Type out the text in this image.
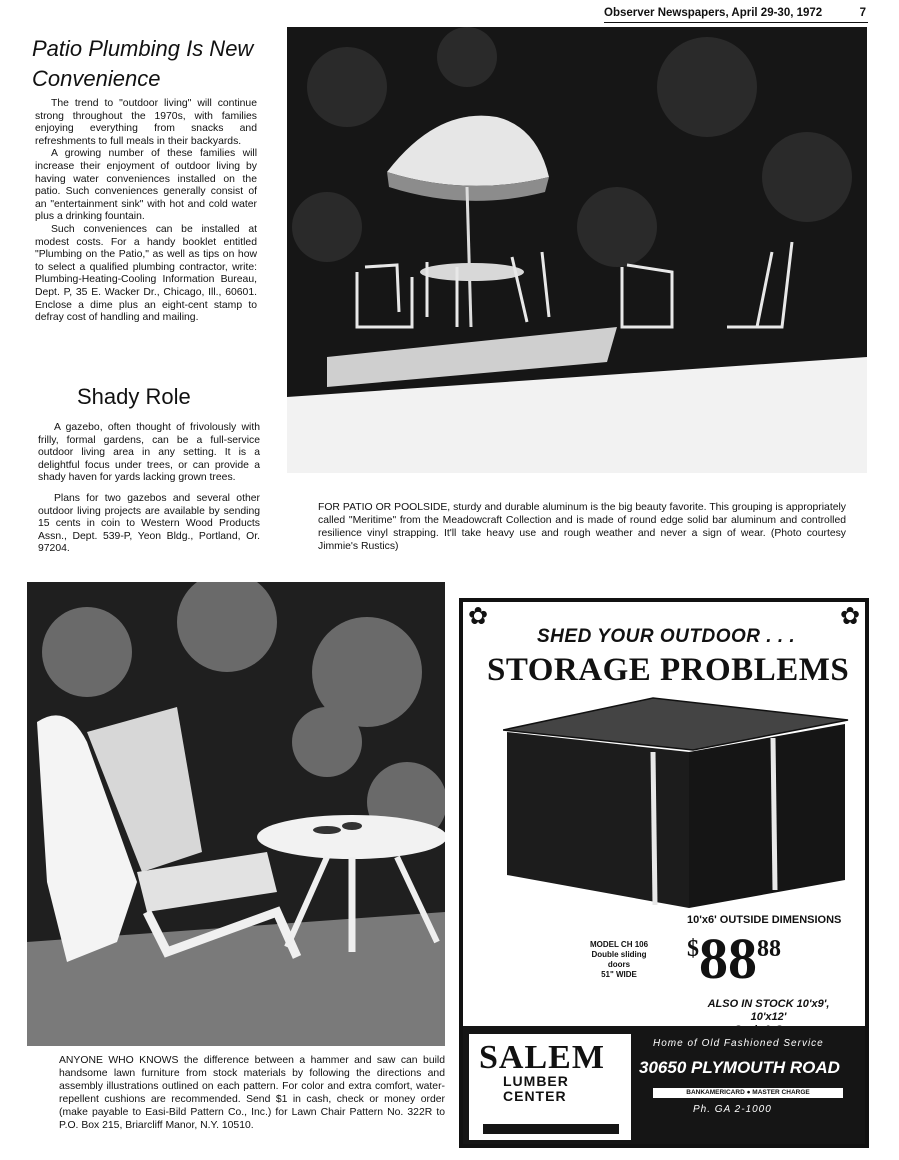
Observer Newspapers, April 29-30, 1972	7
Patio Plumbing Is New Convenience

The trend to "outdoor living" will continue strong throughout the 1970s, with families enjoying everything from snacks and refreshments to full meals in their backyards.

A growing number of these families will increase their enjoyment of outdoor living by having water conveniences installed on the patio. Such conveniences generally consist of an "entertainment sink" with hot and cold water plus a drinking fountain.

Such conveniences can be installed at modest costs. For a handy booklet entitled "Plumbing on the Patio," as well as tips on how to select a qualified plumbing contractor, write: Plumbing-Heating-Cooling Information Bureau, Dept. P, 35 E. Wacker Dr., Chicago, Ill., 60601. Enclose a dime plus an eight-cent stamp to defray cost of handling and mailing.

Shady Role

A gazebo, often thought of frivolously with frilly, formal gardens, can be a full-service outdoor living area in any setting. It is a delightful focus under trees, or can provide a shady haven for yards lacking grown trees.

Plans for two gazebos and several other outdoor living projects are available by sending 15 cents in coin to Western Wood Products Assn., Dept. 539-P, Yeon Bldg., Portland, Or. 97204.

FOR PATIO OR POOLSIDE, sturdy and durable aluminum is the big beauty favorite. This grouping is appropriately called "Meritime" from the Meadowcraft Collection and is made of round edge solid bar aluminum and controlled resilience vinyl strapping. It'll take heavy use and rough weather and never a sign of wear. (Photo courtesy Jimmie's Rustics)
ANYONE WHO KNOWS the difference between a hammer and saw can build handsome lawn furniture from stock materials by following the directions and assembly illustrations outlined on each pattern. For color and extra comfort, water-repellent cushions are recommended. Send $1 in cash, check or money order (make payable to Easi-Bild Pattern Co., Inc.) for Lawn Chair Pattern No. 322R to P.O. Box 215, Briarcliff Manor, N.Y. 10510.
✿	✿
SHED YOUR OUTDOOR . . .
STORAGE PROBLEMS
10'x6' OUTSIDE DIMENSIONS
MODEL CH 106
Double sliding doors
51" WIDE
$8888
ALSO IN STOCK 10'x9', 10'x12'
SALEM
LUMBER
CENTER
Home of Old Fashioned Service
30650 PLYMOUTH ROAD
BANKAMERICARD ● MASTER CHARGE
Ph. GA 2-1000
